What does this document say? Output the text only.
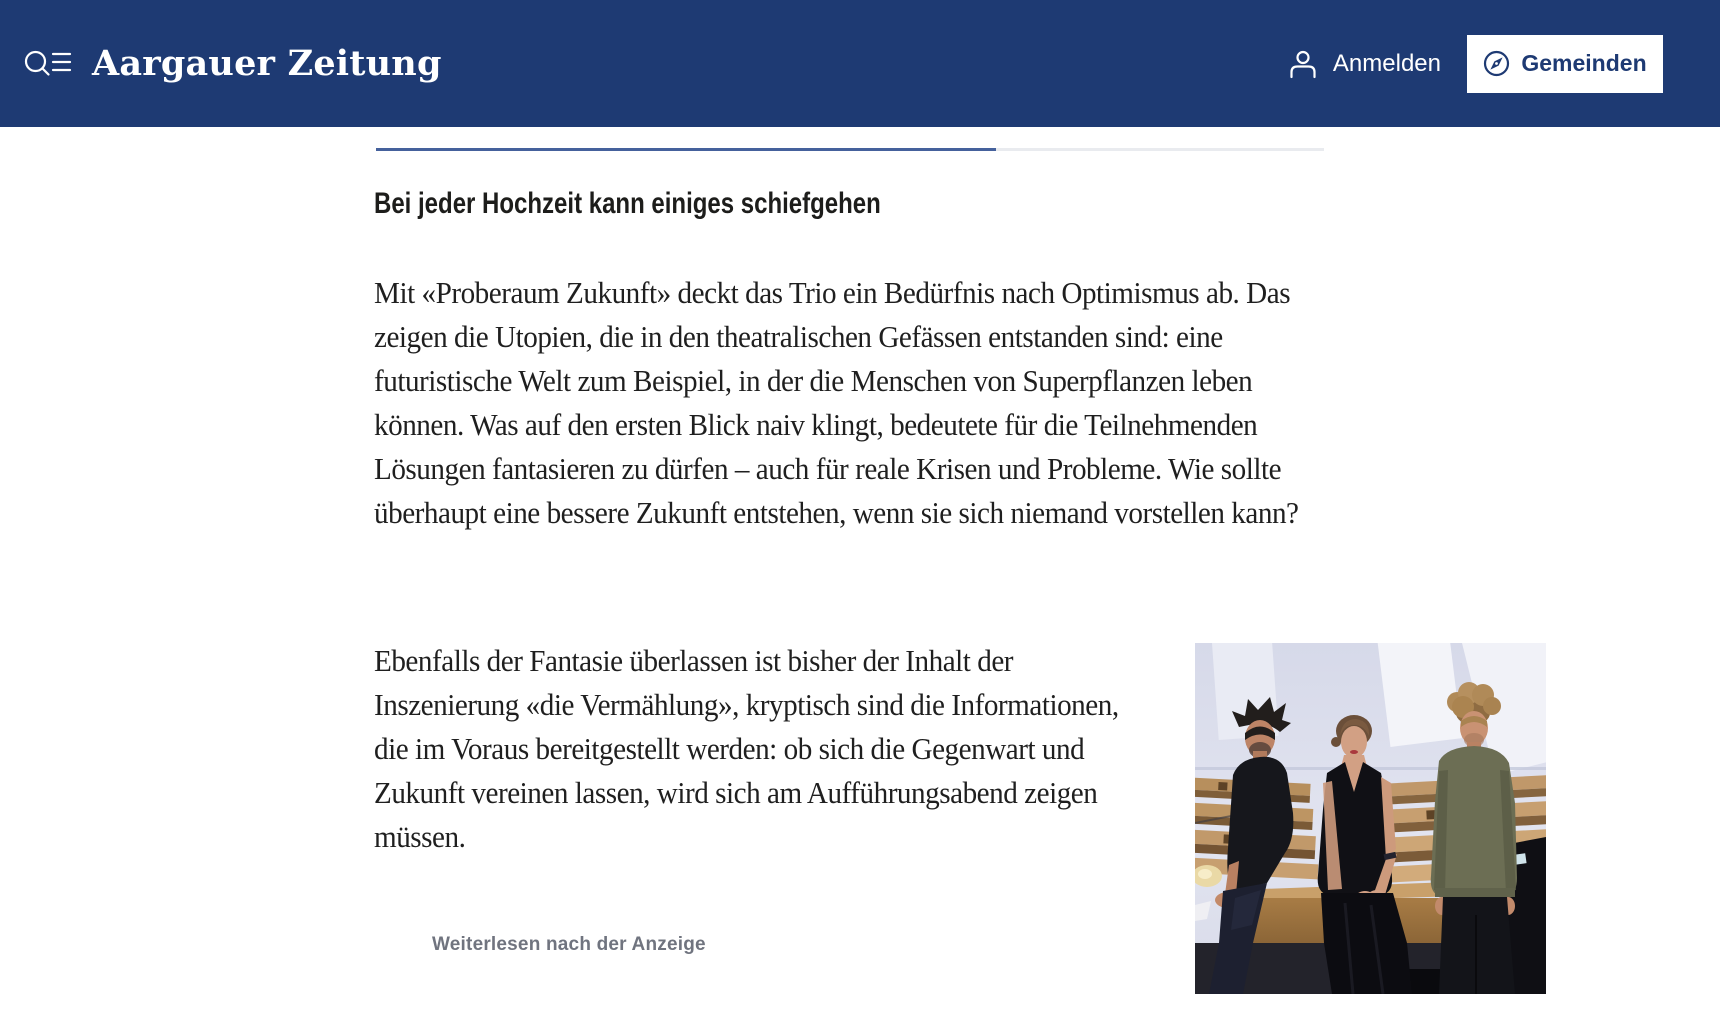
Aargauer Zeitung	Anmelden	Gemeinden
Bei jeder Hochzeit kann einiges schiefgehen

Mit «Proberaum Zukunft» deckt das Trio ein Bedürfnis nach Optimismus ab. Das zeigen die Utopien, die in den theatralischen Gefässen entstanden sind: eine futuristische Welt zum Beispiel, in der die Menschen von Superpflanzen leben können. Was auf den ersten Blick naiv klingt, bedeutete für die Teilnehmenden Lösungen fantasieren zu dürfen – auch für reale Krisen und Probleme. Wie sollte überhaupt eine bessere Zukunft entstehen, wenn sie sich niemand vorstellen kann?

Ebenfalls der Fantasie überlassen ist bisher der Inhalt der Inszenierung «die Vermählung», kryptisch sind die Informationen, die im Voraus bereitgestellt werden: ob sich die Gegenwart und Zukunft vereinen lassen, wird sich am Aufführungsabend zeigen müssen.

Weiterlesen nach der Anzeige
